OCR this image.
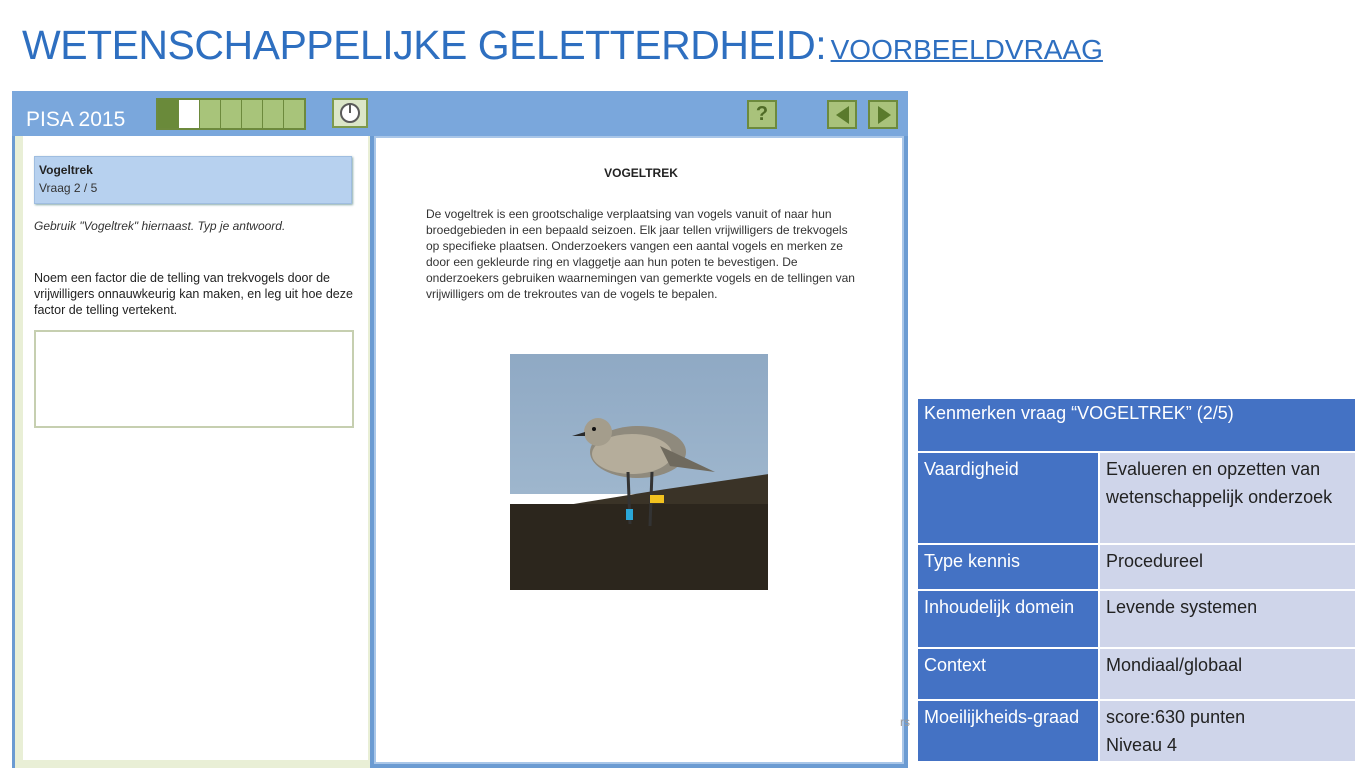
WETENSCHAPPELIJKE GELETTERDHEID: VOORBEELDVRAAG
PISA 2015	?
Vogeltrek
Vraag 2 / 5
Gebruik "Vogeltrek" hiernaast. Typ je antwoord.
Noem een factor die de telling van trekvogels door de vrijwilligers onnauwkeurig kan maken, en leg uit hoe deze factor de telling vertekent.
VOGELTREK
De vogeltrek is een grootschalige verplaatsing van vogels vanuit of naar hun broedgebieden in een bepaald seizoen. Elk jaar tellen vrijwilligers de trekvogels op specifieke plaatsen. Onderzoekers vangen een aantal vogels en merken ze door een gekleurde ring en vlaggetje aan hun poten te bevestigen. De onderzoekers gebruiken waarnemingen van gemerkte vogels en de tellingen van vrijwilligers om de trekroutes van de vogels te bepalen.
rs
Kenmerken vraag “VOGELTREK” (2/5)	
Vaardigheid	Evalueren en opzetten van wetenschappelijk onderzoek
Type kennis	Procedureel
Inhoudelijk domein	Levende systemen
Context	Mondiaal/globaal
Moeilijkheids-graad	score:630 punten
Niveau 4
